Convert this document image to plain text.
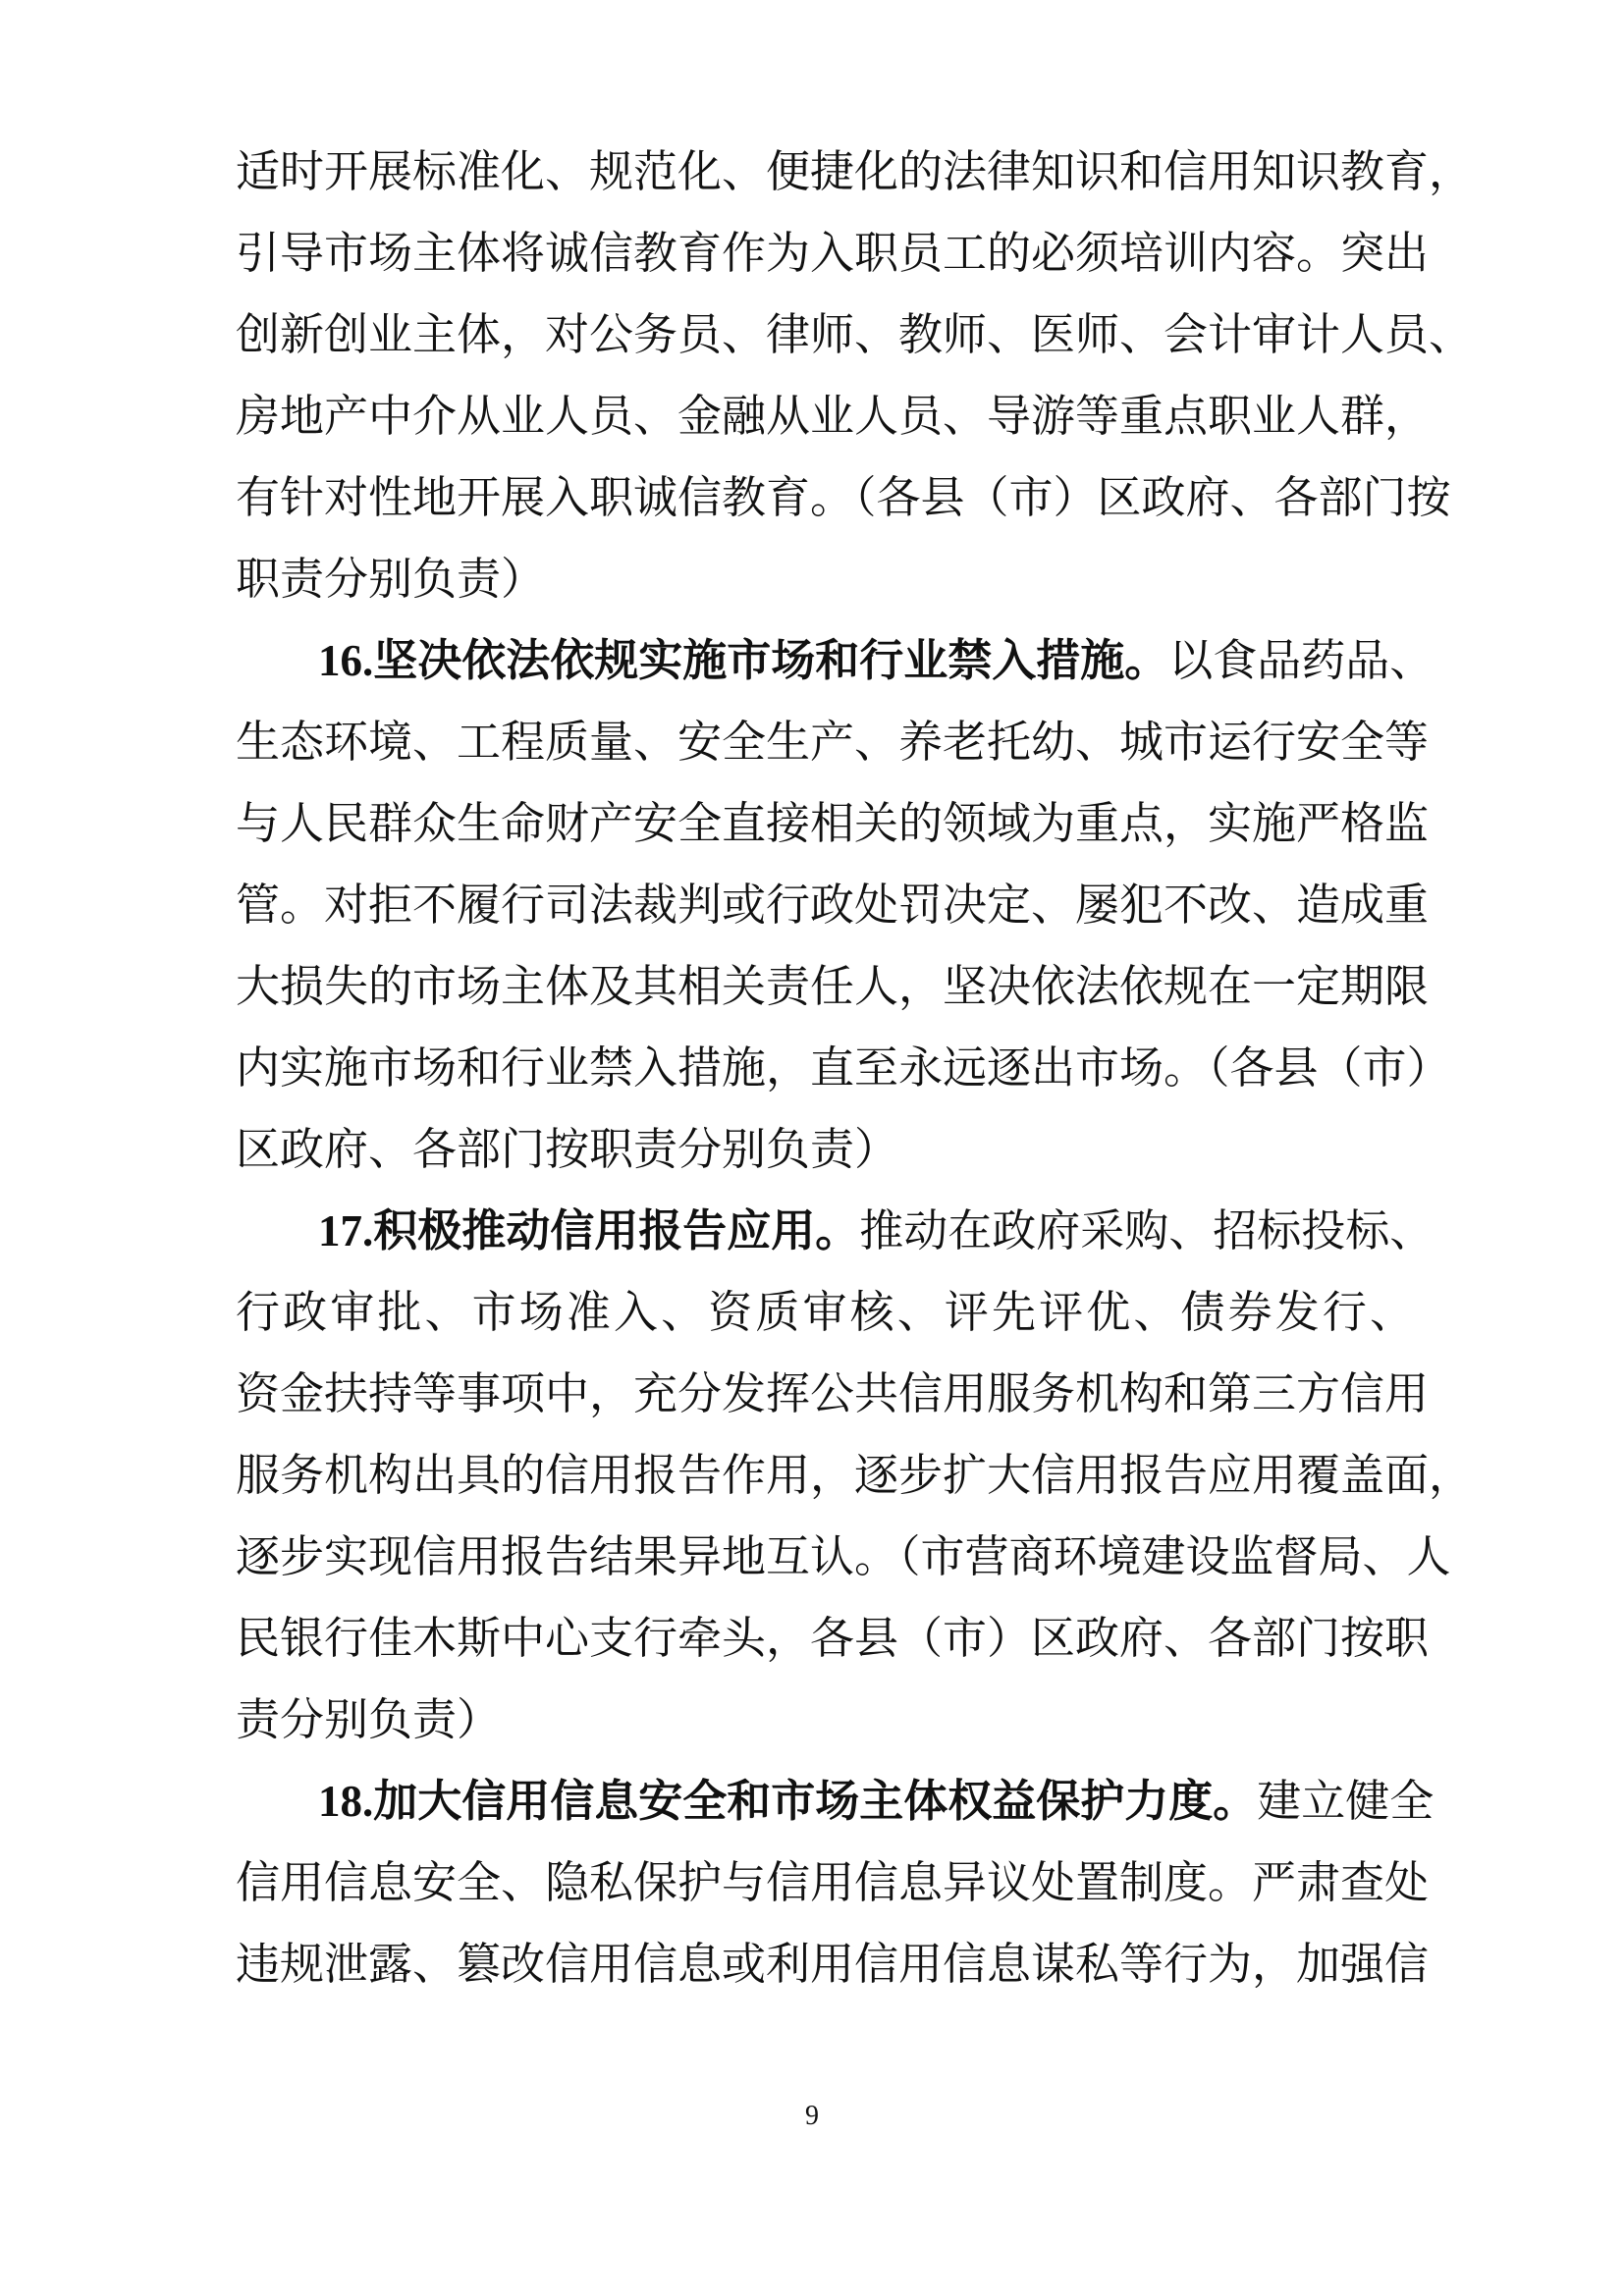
适时开展标准化、规范化、便捷化的法律知识和信用知识教育，
引导市场主体将诚信教育作为入职员工的必须培训内容。突出
创新创业主体，对公务员、律师、教师、医师、会计审计人员、
房地产中介从业人员、金融从业人员、导游等重点职业人群，
有针对性地开展入职诚信教育。（各县（市）区政府、各部门按
职责分别负责）
16.坚决依法依规实施市场和行业禁入措施。以食品药品、
生态环境、工程质量、安全生产、养老托幼、城市运行安全等
与人民群众生命财产安全直接相关的领域为重点，实施严格监
管。对拒不履行司法裁判或行政处罚决定、屡犯不改、造成重
大损失的市场主体及其相关责任人，坚决依法依规在一定期限
内实施市场和行业禁入措施，直至永远逐出市场。（各县（市）
区政府、各部门按职责分别负责）
17.积极推动信用报告应用。推动在政府采购、招标投标、
行政审批、市场准入、资质审核、评先评优、债券发行、
资金扶持等事项中，充分发挥公共信用服务机构和第三方信用
服务机构出具的信用报告作用，逐步扩大信用报告应用覆盖面，
逐步实现信用报告结果异地互认。（市营商环境建设监督局、人
民银行佳木斯中心支行牵头，各县（市）区政府、各部门按职
责分别负责）
18.加大信用信息安全和市场主体权益保护力度。建立健全
信用信息安全、隐私保护与信用信息异议处置制度。严肃查处
违规泄露、篡改信用信息或利用信用信息谋私等行为，加强信
9
